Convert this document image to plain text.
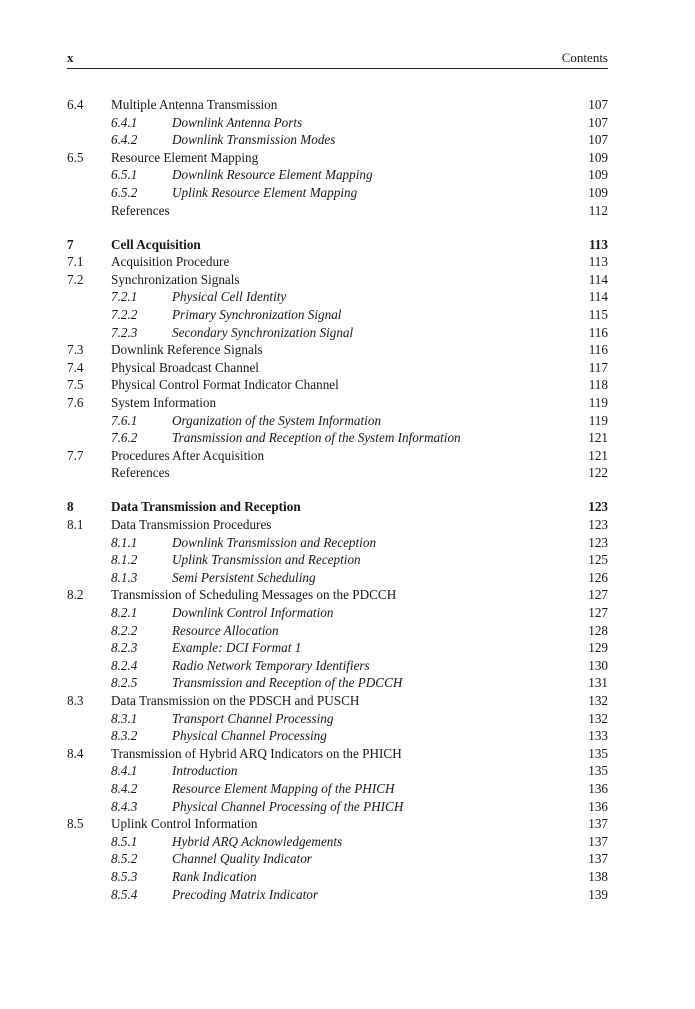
x	Contents
6.4 Multiple Antenna Transmission	107
6.4.1	Downlink Antenna Ports	107
6.4.2	Downlink Transmission Modes	107
6.5 Resource Element Mapping	109
6.5.1	Downlink Resource Element Mapping	109
6.5.2	Uplink Resource Element Mapping	109
References	112
7	Cell Acquisition	113
7.1 Acquisition Procedure	113
7.2 Synchronization Signals	114
7.2.1	Physical Cell Identity	114
7.2.2	Primary Synchronization Signal	115
7.2.3	Secondary Synchronization Signal	116
7.3 Downlink Reference Signals	116
7.4 Physical Broadcast Channel	117
7.5 Physical Control Format Indicator Channel	118
7.6 System Information	119
7.6.1	Organization of the System Information	119
7.6.2	Transmission and Reception of the System Information	121
7.7 Procedures After Acquisition	121
References	122
8	Data Transmission and Reception	123
8.1 Data Transmission Procedures	123
8.1.1	Downlink Transmission and Reception	123
8.1.2	Uplink Transmission and Reception	125
8.1.3	Semi Persistent Scheduling	126
8.2 Transmission of Scheduling Messages on the PDCCH	127
8.2.1	Downlink Control Information	127
8.2.2	Resource Allocation	128
8.2.3	Example: DCI Format 1	129
8.2.4	Radio Network Temporary Identifiers	130
8.2.5	Transmission and Reception of the PDCCH	131
8.3 Data Transmission on the PDSCH and PUSCH	132
8.3.1	Transport Channel Processing	132
8.3.2	Physical Channel Processing	133
8.4 Transmission of Hybrid ARQ Indicators on the PHICH	135
8.4.1	Introduction	135
8.4.2	Resource Element Mapping of the PHICH	136
8.4.3	Physical Channel Processing of the PHICH	136
8.5 Uplink Control Information	137
8.5.1	Hybrid ARQ Acknowledgements	137
8.5.2	Channel Quality Indicator	137
8.5.3	Rank Indication	138
8.5.4	Precoding Matrix Indicator	139
